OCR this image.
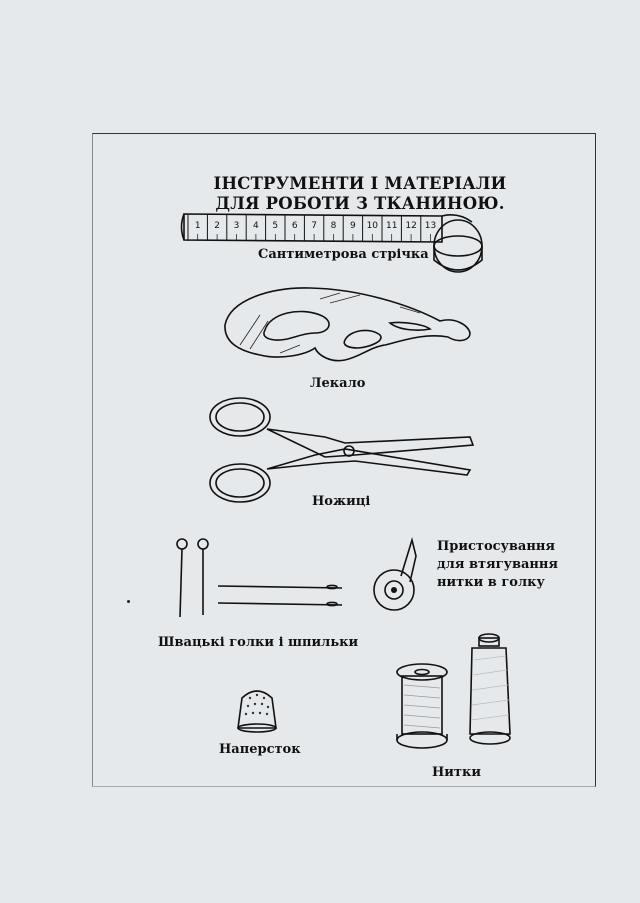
ІНСТРУМЕНТИ І МАТЕРІАЛИ
ДЛЯ РОБОТИ З ТКАНИНОЮ.
1 2 3 4 5 6 7 8 9 10 11 12 13
Сантиметрова стрічка
Лекало
Ножиці
Швацькі голки і шпильки
Пристосування
для втягування
нитки в голку
Наперсток
Нитки
